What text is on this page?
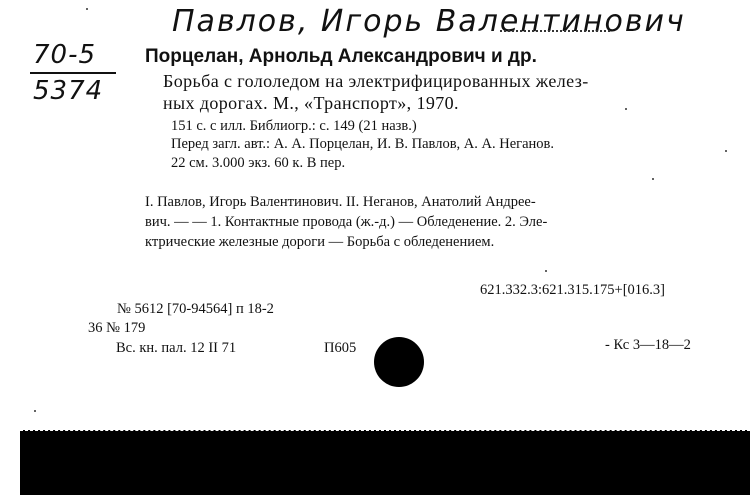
Павлов, Игорь Валентинович
70-5
5374
Порцелан, Арнольд Александрович и др.
Борьба с гололедом на электрифицированных желез-
ных дорогах. М., «Транспорт», 1970.
151 с. с илл. Библиогр.: с. 149 (21 назв.)
Перед загл. авт.: А. А. Порцелан, И. В. Павлов, А. А. Неганов.
22 см. 3.000 экз. 60 к. В пер.
I. Павлов, Игорь Валентинович. II. Неганов, Анатолий Андрее-
вич. — — 1. Контактные провода (ж.-д.) — Обледенение. 2. Эле-
ктрические железные дороги — Борьба с обледенением.
621.332.3:621.315.175+[016.3]
№ 5612 [70-94564] п 18-2
36 № 179
Вс. кн. пал. 12 II 71	П605	- Кс 3—18—2
